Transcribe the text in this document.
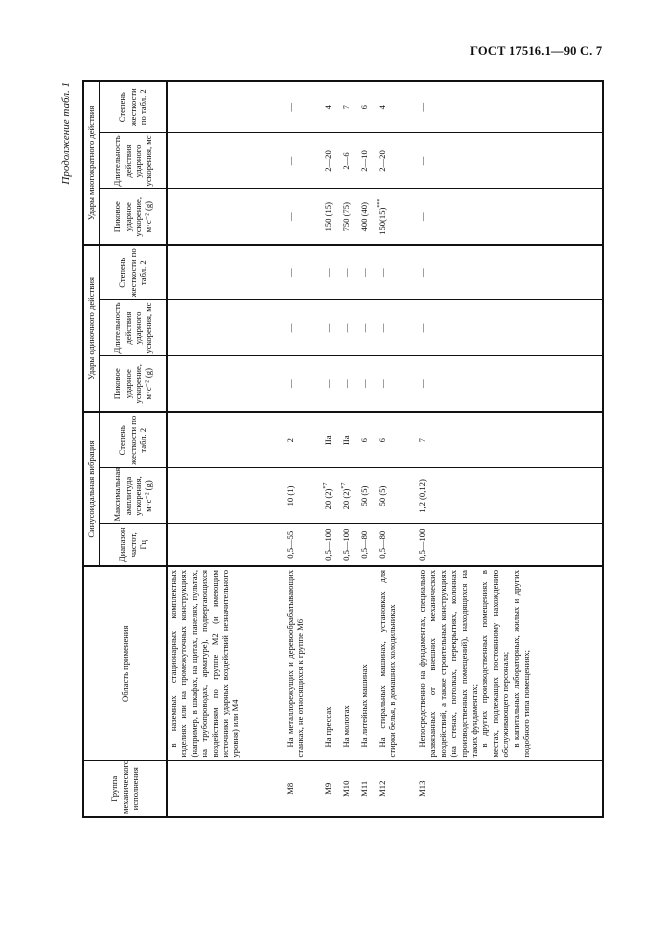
ГОСТ 17516.1—90 С. 7
Продолжение табл. 1
Группа механического исполнения	Область применения	Синусоидальная вибрация			Удары одиночного действия			Удары многократного действия		
		Диапазон частот, Гц	Максимальная амплитуда ускорения, м·с⁻² (g)	Степень жесткости по табл. 2	Пиковое ударное ускорение, м·с⁻² (g)	Длительность действия ударного ускорения, мс	Степень жесткости по табл. 2	Пиковое ударное ускорение, м·с⁻² (g)	Длительность действия ударного ускорения, мс	Степень жесткости по табл. 2
	в наземных стационарных комплектных изделиях или на промежуточных конструкциях (например, в шкафах, на щитах, панелях, пультах, на трубопроводах, арматуре), подвергающихся воздействиям по группе М2 (и имеющим источники ударных воздействий незначительного уровня) или М4									
М8	На металлорежущих и деревообрабатывающих станках, не относящихся к группе М6	0,5—55	10 (1)	2	—	—	—	—	—	—
М9	На прессах	0,5—100	20 $(2)^{*7}$	IIa	—	—	—	150 (15)	2—20	4
М10	На молотах	0,5—100	20 $(2)^{*7}$	IIa	—	—	—	750 (75)	2—6	7
М11	На литейных машинах	0,5—80	50 (5)	6	—	—	—	400 (40)	2—10	6
М12	На стиральных машинах, установках для стирки белья, в домашних холодильниках	0,5—80	50 (5)	6	—	—	—	150(15)***	2—20	4
М13	Непосредственно на фундаментах, специально развязанных от внешних механических воздействий, а также строительных конструкциях (на стенах, потолках, перекрытиях, колоннах производственных помещений), находящихся на таких фундаментах; в других производственных помещениях в местах, подлежащих постоянному нахождению обслуживающего персонала; в капитальных лабораторных, жилых и других подобного типа помещениях;	0,5—100	1,2 (0,12)	7	—	—	—	—	—	—
